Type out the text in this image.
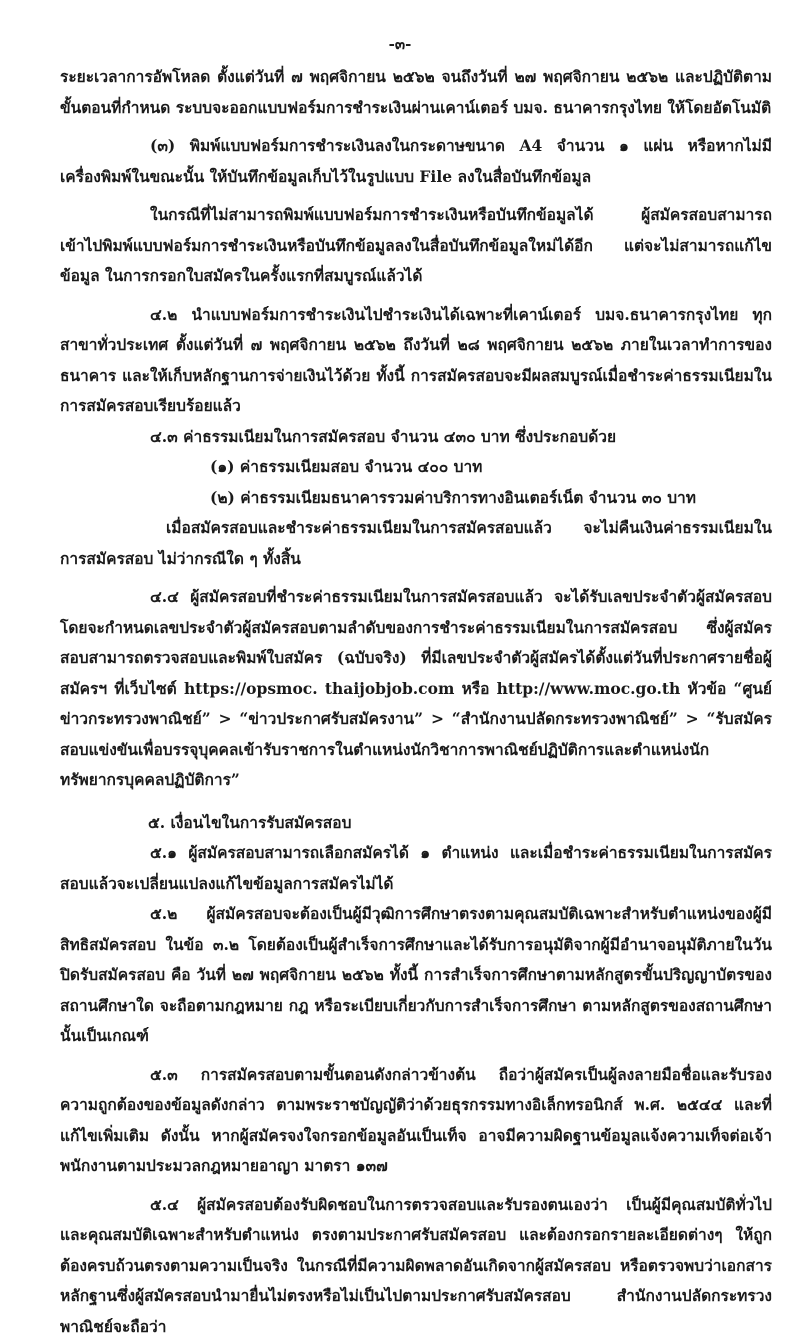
-๓-

ระยะเวลาการอัพโหลด ตั้งแต่วันที่ ๗ พฤศจิกายน ๒๕๖๒ จนถึงวันที่ ๒๗ พฤศจิกายน ๒๕๖๒ และปฏิบัติตามขั้นตอนที่กำหนด ระบบจะออกแบบฟอร์มการชำระเงินผ่านเคาน์เตอร์ บมจ. ธนาคารกรุงไทย ให้โดยอัตโนมัติ

(๓) พิมพ์แบบฟอร์มการชำระเงินลงในกระดาษขนาด A4 จำนวน ๑ แผ่น หรือหากไม่มีเครื่องพิมพ์ในขณะนั้น ให้บันทึกข้อมูลเก็บไว้ในรูปแบบ File ลงในสื่อบันทึกข้อมูล

ในกรณีที่ไม่สามารถพิมพ์แบบฟอร์มการชำระเงินหรือบันทึกข้อมูลได้ ผู้สมัครสอบสามารถเข้าไปพิมพ์แบบฟอร์มการชำระเงินหรือบันทึกข้อมูลลงในสื่อบันทึกข้อมูลใหม่ได้อีก แต่จะไม่สามารถแก้ไขข้อมูล ในการกรอกใบสมัครในครั้งแรกที่สมบูรณ์แล้วได้

๔.๒ นำแบบฟอร์มการชำระเงินไปชำระเงินได้เฉพาะที่เคาน์เตอร์ บมจ.ธนาคารกรุงไทย ทุกสาขาทั่วประเทศ ตั้งแต่วันที่ ๗ พฤศจิกายน ๒๕๖๒ ถึงวันที่ ๒๘ พฤศจิกายน ๒๕๖๒ ภายในเวลาทำการของธนาคาร และให้เก็บหลักฐานการจ่ายเงินไว้ด้วย ทั้งนี้ การสมัครสอบจะมีผลสมบูรณ์เมื่อชำระค่าธรรมเนียมในการสมัครสอบเรียบร้อยแล้ว

๔.๓ ค่าธรรมเนียมในการสมัครสอบ จำนวน ๔๓๐ บาท ซึ่งประกอบด้วย

(๑) ค่าธรรมเนียมสอบ จำนวน ๔๐๐ บาท

(๒) ค่าธรรมเนียมธนาคารรวมค่าบริการทางอินเตอร์เน็ต จำนวน ๓๐ บาท

เมื่อสมัครสอบและชำระค่าธรรมเนียมในการสมัครสอบแล้ว จะไม่คืนเงินค่าธรรมเนียมในการสมัครสอบ ไม่ว่ากรณีใด ๆ ทั้งสิ้น

๔.๔ ผู้สมัครสอบที่ชำระค่าธรรมเนียมในการสมัครสอบแล้ว จะได้รับเลขประจำตัวผู้สมัครสอบ โดยจะกำหนดเลขประจำตัวผู้สมัครสอบตามลำดับของการชำระค่าธรรมเนียมในการสมัครสอบ ซึ่งผู้สมัครสอบสามารถตรวจสอบและพิมพ์ใบสมัคร (ฉบับจริง) ที่มีเลขประจำตัวผู้สมัครได้ตั้งแต่วันที่ประกาศรายชื่อผู้สมัครฯ ที่เว็บไซต์ https://opsmoc. thaijobjob.com หรือ http://www.moc.go.th หัวข้อ “ศูนย์ข่าวกระทรวงพาณิชย์” > “ข่าวประกาศรับสมัครงาน” > “สำนักงานปลัดกระทรวงพาณิชย์” > “รับสมัครสอบแข่งขันเพื่อบรรจุบุคคลเข้ารับราชการในตำแหน่งนักวิชาการพาณิชย์ปฏิบัติการและตำแหน่งนักทรัพยากรบุคคลปฏิบัติการ”

๕. เงื่อนไขในการรับสมัครสอบ

๕.๑ ผู้สมัครสอบสามารถเลือกสมัครได้ ๑ ตำแหน่ง และเมื่อชำระค่าธรรมเนียมในการสมัครสอบแล้วจะเปลี่ยนแปลงแก้ไขข้อมูลการสมัครไม่ได้

๕.๒ ผู้สมัครสอบจะต้องเป็นผู้มีวุฒิการศึกษาตรงตามคุณสมบัติเฉพาะสำหรับตำแหน่งของผู้มีสิทธิสมัครสอบ ในข้อ ๓.๒ โดยต้องเป็นผู้สำเร็จการศึกษาและได้รับการอนุมัติจากผู้มีอำนาจอนุมัติภายในวันปิดรับสมัครสอบ คือ วันที่ ๒๗ พฤศจิกายน ๒๕๖๒ ทั้งนี้ การสำเร็จการศึกษาตามหลักสูตรขั้นปริญญาบัตรของสถานศึกษาใด จะถือตามกฎหมาย กฎ หรือระเบียบเกี่ยวกับการสำเร็จการศึกษา ตามหลักสูตรของสถานศึกษานั้นเป็นเกณฑ์

๕.๓ การสมัครสอบตามขั้นตอนดังกล่าวข้างต้น ถือว่าผู้สมัครเป็นผู้ลงลายมือชื่อและรับรองความถูกต้องของข้อมูลดังกล่าว ตามพระราชบัญญัติว่าด้วยธุรกรรมทางอิเล็กทรอนิกส์ พ.ศ. ๒๕๔๔ และที่แก้ไขเพิ่มเติม ดังนั้น หากผู้สมัครจงใจกรอกข้อมูลอันเป็นเท็จ อาจมีความผิดฐานข้อมูลแจ้งความเท็จต่อเจ้าพนักงานตามประมวลกฎหมายอาญา มาตรา ๑๓๗

๕.๔ ผู้สมัครสอบต้องรับผิดชอบในการตรวจสอบและรับรองตนเองว่า เป็นผู้มีคุณสมบัติทั่วไปและคุณสมบัติเฉพาะสำหรับตำแหน่ง ตรงตามประกาศรับสมัครสอบ และต้องกรอกรายละเอียดต่างๆ ให้ถูกต้องครบถ้วนตรงตามความเป็นจริง ในกรณีที่มีความผิดพลาดอันเกิดจากผู้สมัครสอบ หรือตรวจพบว่าเอกสารหลักฐานซึ่งผู้สมัครสอบนำมายื่นไม่ตรงหรือไม่เป็นไปตามประกาศรับสมัครสอบ สำนักงานปลัดกระทรวงพาณิชย์จะถือว่า
